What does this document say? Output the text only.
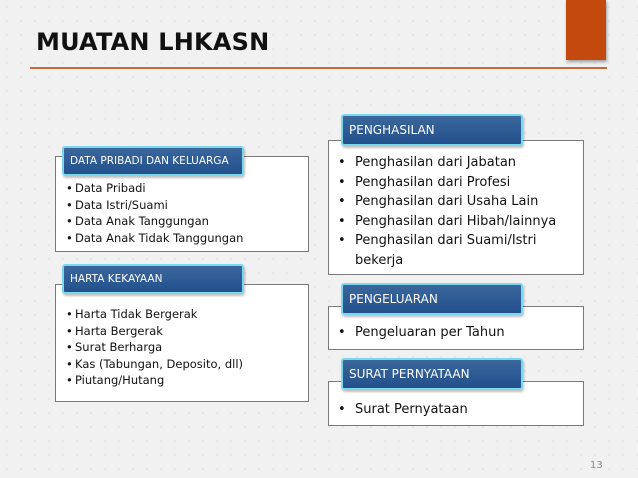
MUATAN LHKASN
• Data Pribadi
• Data Istri/Suami
• Data Anak Tanggungan
• Data Anak Tidak Tanggungan
DATA PRIBADI DAN KELUARGA
• Harta Tidak Bergerak
• Harta Bergerak
• Surat Berharga
• Kas (Tabungan, Deposito, dll)
• Piutang/Hutang
HARTA KEKAYAAN
• Penghasilan dari Jabatan
• Penghasilan dari Profesi
• Penghasilan dari Usaha Lain
• Penghasilan dari Hibah/lainnya
• Penghasilan dari Suami/Istri bekerja
PENGHASILAN
• Pengeluaran per Tahun
PENGELUARAN
• Surat Pernyataan
SURAT PERNYATAAN
13
